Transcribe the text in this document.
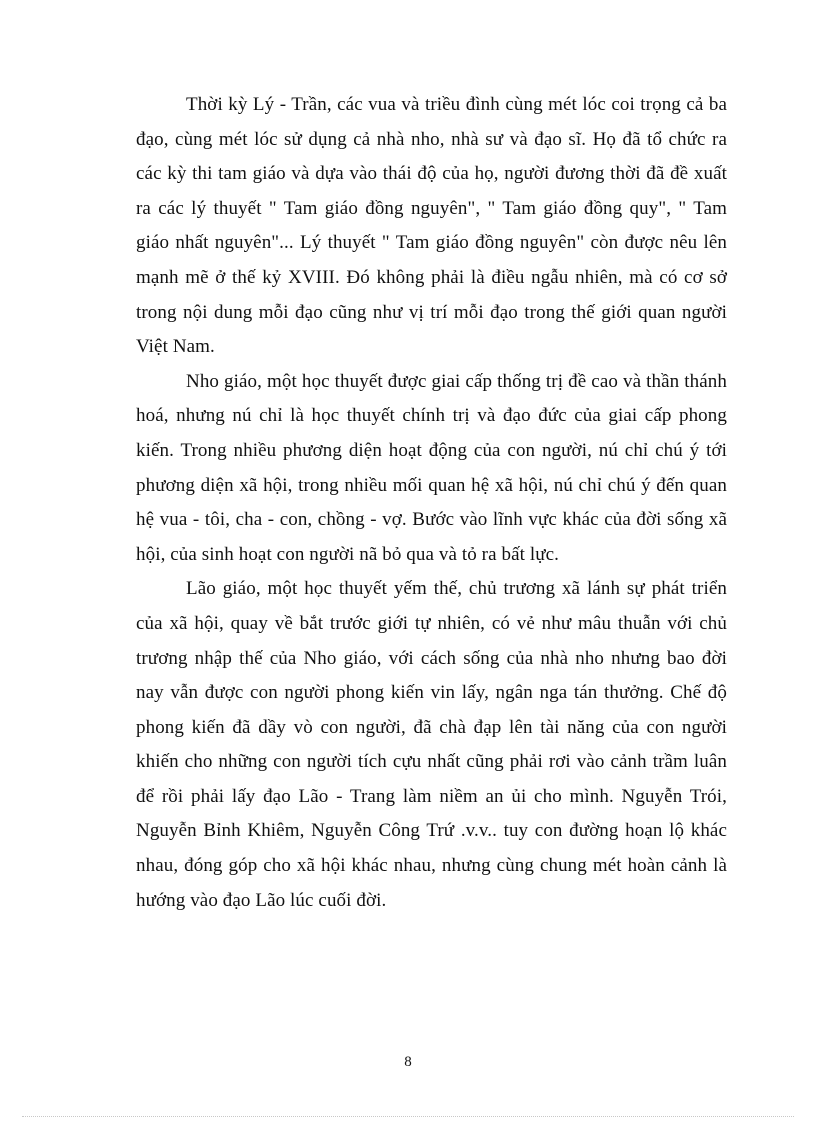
Thời kỳ Lý - Trần, các vua và triều đình cùng mét lóc coi trọng cả ba đạo, cùng mét lóc sử dụng cả nhà nho, nhà sư và đạo sĩ. Họ đã tổ chức ra các kỳ thi tam giáo và dựa vào thái độ của họ, người đương thời đã đề xuất ra các lý thuyết " Tam giáo đồng nguyên", " Tam giáo đồng quy", " Tam giáo nhất nguyên"... Lý thuyết " Tam giáo đồng nguyên" còn được nêu lên mạnh mẽ ở thế kỷ XVIII. Đó không phải là điều ngẫu nhiên, mà có cơ sở trong nội dung mỗi đạo cũng như vị trí mỗi đạo trong thế giới quan người Việt Nam.

Nho giáo, một học thuyết được giai cấp thống trị đề cao và thần thánh hoá, nhưng nú chỉ là học thuyết chính trị và đạo đức của giai cấp phong kiến. Trong nhiều phương diện hoạt động của con người, nú chỉ chú ý tới phương diện xã hội, trong nhiều mối quan hệ xã hội, nú chỉ chú ý đến quan hệ vua - tôi, cha - con, chồng - vợ. Bước vào lĩnh vực khác của đời sống xã hội, của sinh hoạt con người nã bỏ qua và tỏ ra bất lực.

Lão giáo, một học thuyết yếm thế, chủ trương xã lánh sự phát triển của xã hội, quay về bắt trước giới tự nhiên, có vẻ như mâu thuẫn với chủ trương nhập thế của Nho giáo, với cách sống của nhà nho nhưng bao đời nay vẫn được con người phong kiến vin lấy, ngân nga tán thưởng. Chế độ phong kiến đã dầy vò con người, đã chà đạp lên tài năng của con người khiến cho những con người tích cựu nhất cũng phải rơi vào cảnh trầm luân để rồi phải lấy đạo Lão - Trang làm niềm an ủi cho mình. Nguyễn Trói, Nguyễn Bỉnh Khiêm, Nguyễn Công Trứ .v.v.. tuy con đường hoạn lộ khác nhau, đóng góp cho xã hội khác nhau, nhưng cùng chung mét hoàn cảnh là hướng vào đạo Lão lúc cuối đời.

8
